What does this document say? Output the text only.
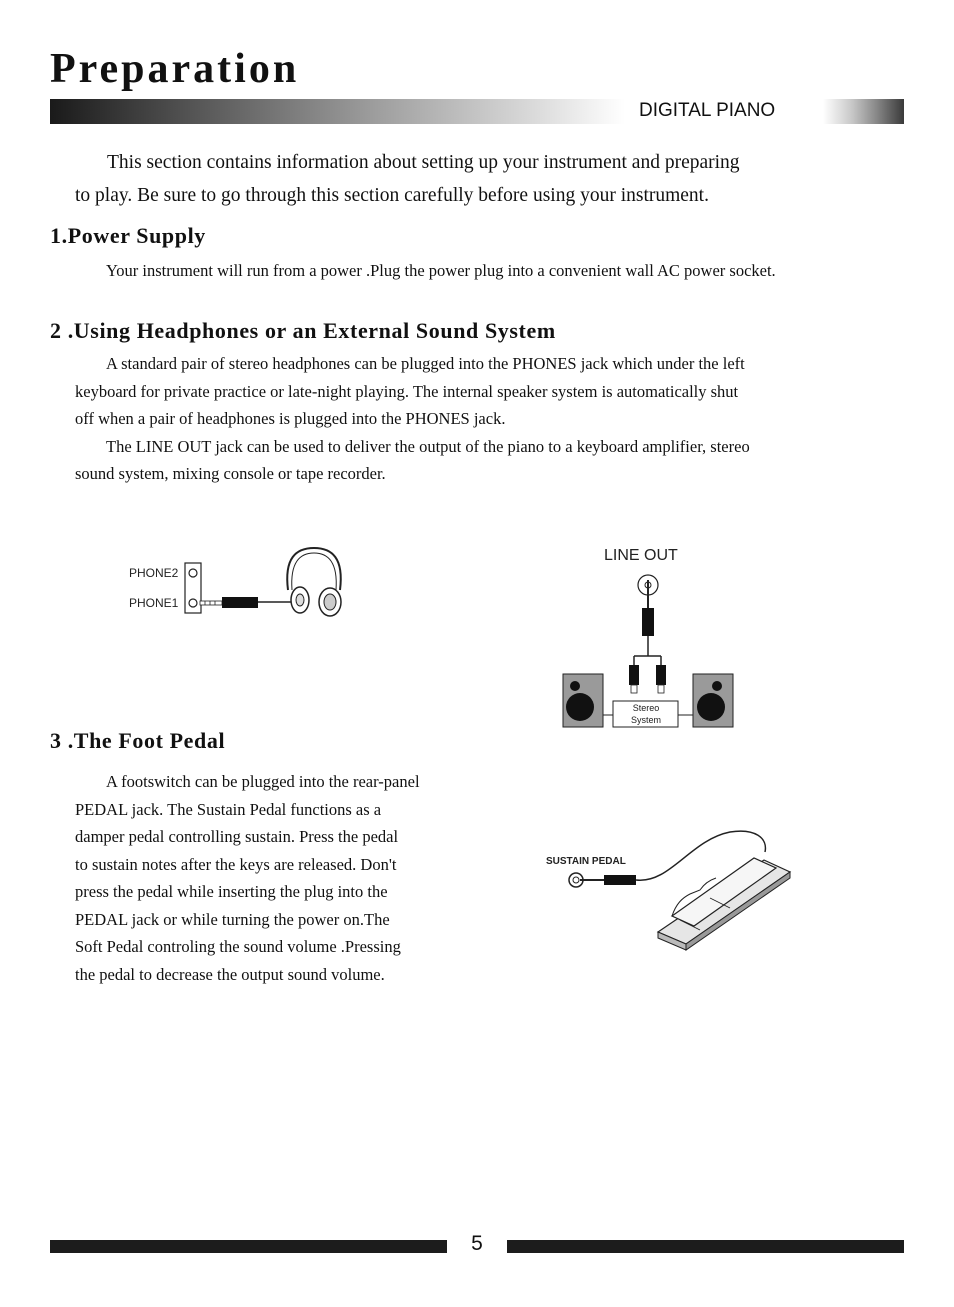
Preparation
DIGITAL PIANO

This section contains information about setting up your instrument and preparing
to play. Be sure to go through this section carefully before using your instrument.

1.Power Supply

Your instrument will run from a power .Plug the power plug into a convenient wall AC power socket.

2 .Using Headphones or an External Sound System

A standard pair of stereo headphones can be plugged into the PHONES jack which under the left
keyboard for private practice or late-night playing. The internal speaker system is automatically shut
off when a pair of headphones is plugged into the PHONES jack.
The LINE OUT jack can be used to deliver the output of the piano to a keyboard amplifier, stereo
sound system, mixing console or tape recorder.

PHONE2
PHONE1
LINE OUT
Stereo
System
3 .The Foot Pedal

A footswitch can be plugged into the rear-panel
PEDAL jack. The Sustain Pedal functions as a
damper pedal controlling sustain. Press the pedal
to sustain notes after the keys are released. Don't
press the pedal while inserting the plug into the
PEDAL jack or while turning the power on.The
Soft Pedal controling the sound volume .Pressing
the pedal to decrease the output sound volume.

SUSTAIN PEDAL
5
